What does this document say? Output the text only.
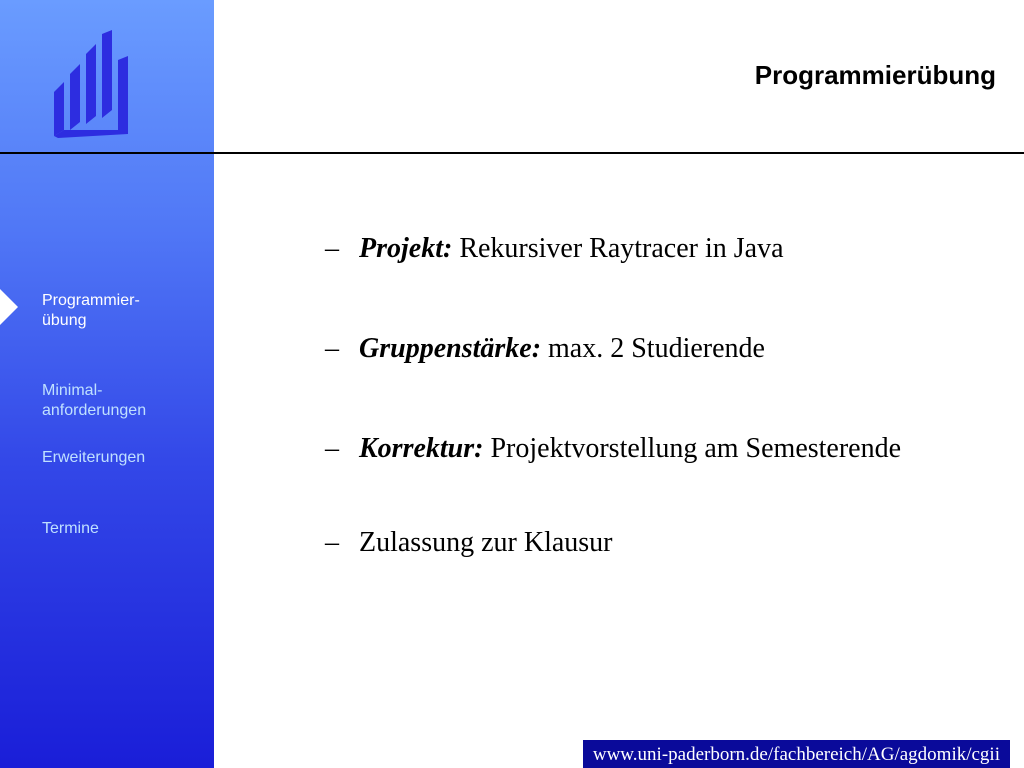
Programmier-
übung
Minimal-
anforderungen
Erweiterungen
Termine
Programmierübung
– Projekt: Rekursiver Raytracer in Java
– Gruppenstärke: max. 2 Studierende
– Korrektur: Projektvorstellung am Semesterende
– Zulassung zur Klausur
www.uni-paderborn.de/fachbereich/AG/agdomik/cgii
